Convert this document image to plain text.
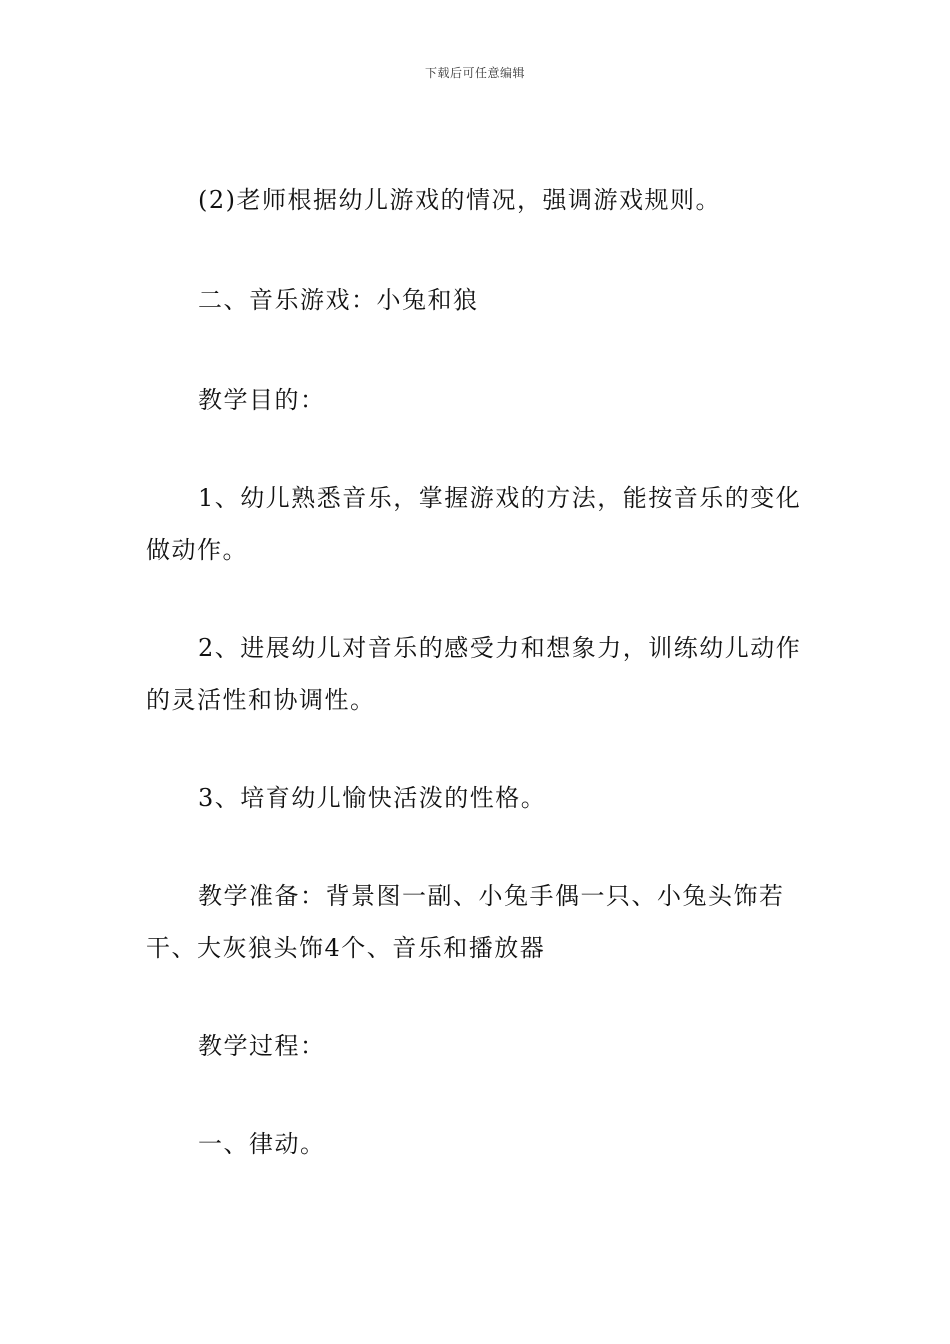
下载后可任意编辑

(2)老师根据幼儿游戏的情况，强调游戏规则。

二、音乐游戏：小兔和狼

教学目的：

1、幼儿熟悉音乐，掌握游戏的方法，能按音乐的变化做动作。

2、进展幼儿对音乐的感受力和想象力，训练幼儿动作的灵活性和协调性。

3、培育幼儿愉快活泼的性格。

教学准备：背景图一副、小兔手偶一只、小兔头饰若干、大灰狼头饰4个、音乐和播放器

教学过程：

一、律动。
